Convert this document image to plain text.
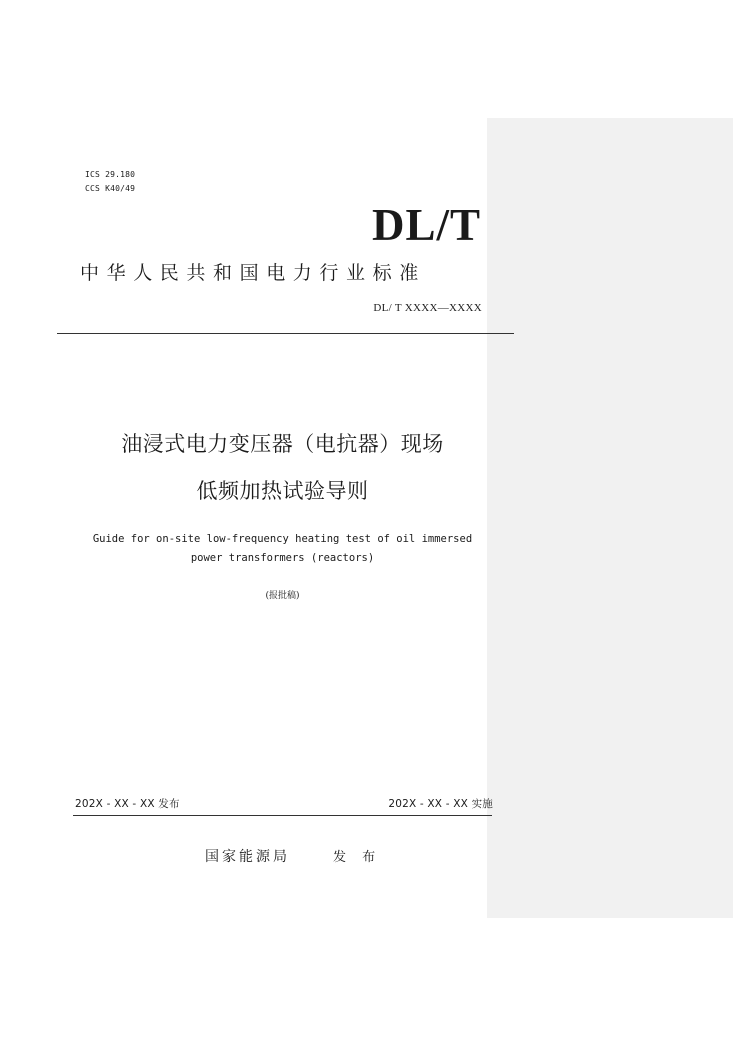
ICS 29.180
CCS K40/49
DL/T
中华人民共和国电力行业标准
DL/ T XXXX—XXXX
油浸式电力变压器（电抗器）现场
低频加热试验导则
Guide for on-site low-frequency heating test of oil immersed
power transformers (reactors)
(报批稿)
202X - XX - XX 发布	202X - XX - XX 实施
国家能源局	发 布
